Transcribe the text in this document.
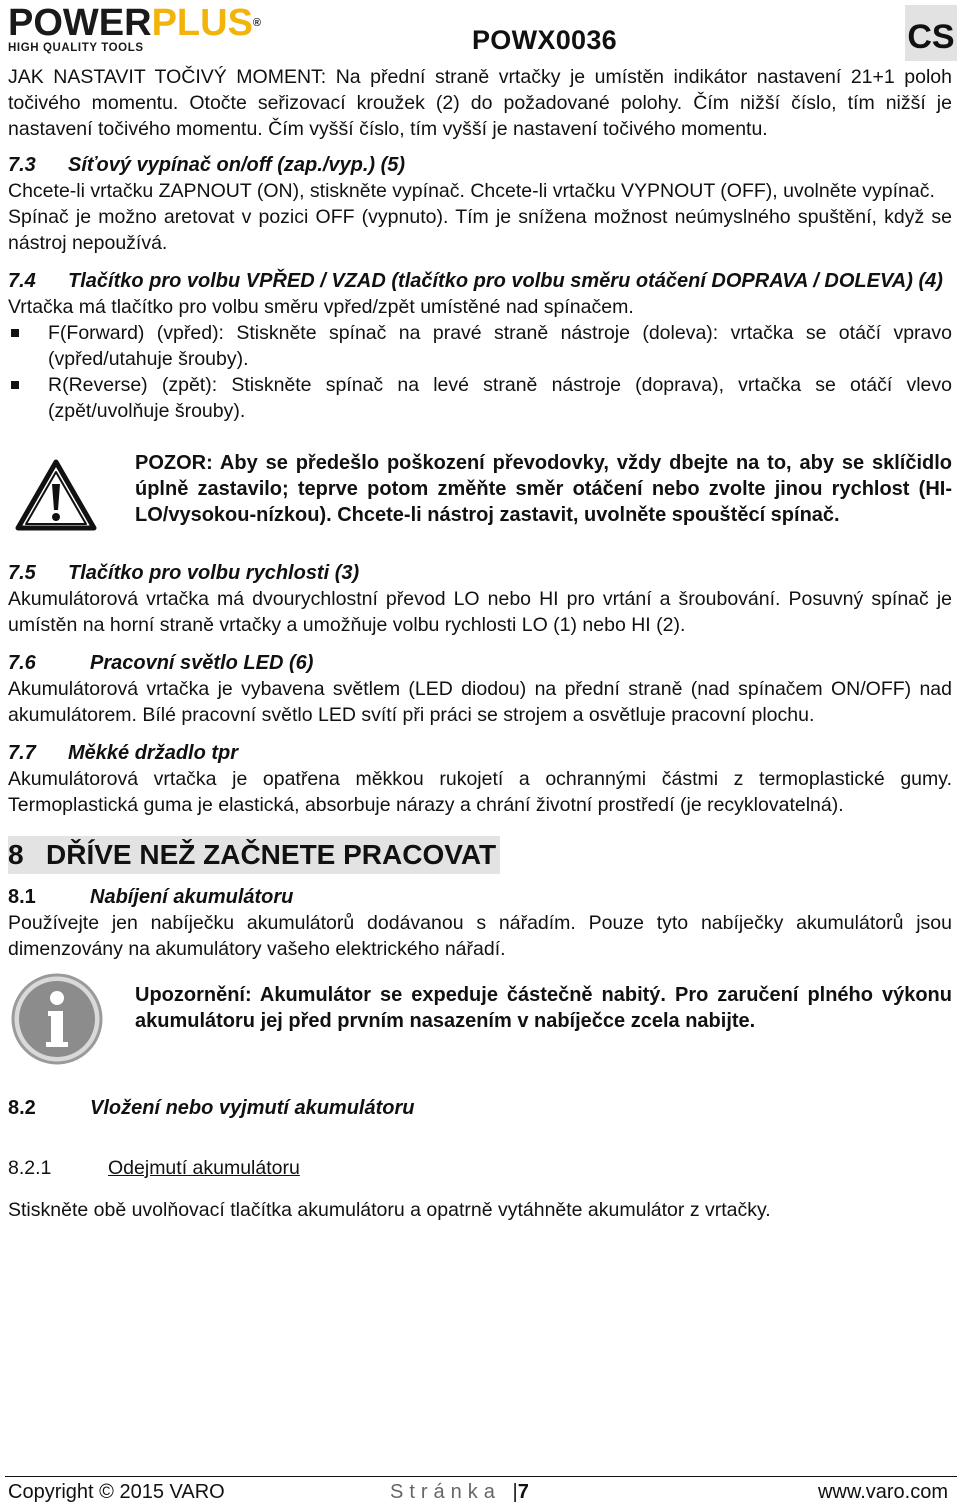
POWERPLUS®
HIGH QUALITY TOOLS	POWX0036	CS

JAK NASTAVIT TOČIVÝ MOMENT: Na přední straně vrtačky je umístěn indikátor nastavení 21+1 poloh točivého momentu. Otočte seřizovací kroužek (2) do požadované polohy. Čím nižší číslo, tím nižší je nastavení točivého momentu. Čím vyšší číslo, tím vyšší je nastavení točivého momentu.

7.3 Síťový vypínač on/off (zap./vyp.) (5)

Chcete-li vrtačku ZAPNOUT (ON), stiskněte vypínač. Chcete-li vrtačku VYPNOUT (OFF), uvolněte vypínač.

Spínač je možno aretovat v pozici OFF (vypnuto). Tím je snížena možnost neúmyslného spuštění, když se nástroj nepoužívá.

7.4	Tlačítko pro volbu VPŘED / VZAD (tlačítko pro volbu směru otáčení DOPRAVA / DOLEVA) (4)

Vrtačka má tlačítko pro volbu směru vpřed/zpět umístěné nad spínačem.

F(Forward) (vpřed): Stiskněte spínač na pravé straně nástroje (doleva): vrtačka se otáčí vpravo (vpřed/utahuje šrouby).
R(Reverse) (zpět): Stiskněte spínač na levé straně nástroje (doprava), vrtačka se otáčí vlevo (zpět/uvolňuje šrouby).
POZOR: Aby se předešlo poškození převodovky, vždy dbejte na to, aby se sklíčidlo úplně zastavilo; teprve potom změňte směr otáčení nebo zvolte jinou rychlost (HI-LO/vysokou-nízkou). Chcete-li nástroj zastavit, uvolněte spouštěcí spínač.
7.5 Tlačítko pro volbu rychlosti (3)

Akumulátorová vrtačka má dvourychlostní převod LO nebo HI pro vrtání a šroubování. Posuvný spínač je umístěn na horní straně vrtačky a umožňuje volbu rychlosti LO (1) nebo HI (2).

7.6	Pracovní světlo LED (6)

Akumulátorová vrtačka je vybavena světlem (LED diodou) na přední straně (nad spínačem ON/OFF) nad akumulátorem. Bílé pracovní světlo LED svítí při práci se strojem a osvětluje pracovní plochu.

7.7 Měkké držadlo tpr

Akumulátorová vrtačka je opatřena měkkou rukojetí a ochrannými částmi z termoplastické gumy. Termoplastická guma je elastická, absorbuje nárazy a chrání životní prostředí (je recyklovatelná).

8 DŘÍVE NEŽ ZAČNETE PRACOVAT
8.1	Nabíjení akumulátoru

Používejte jen nabíječku akumulátorů dodávanou s nářadím. Pouze tyto nabíječky akumulátorů jsou dimenzovány na akumulátory vašeho elektrického nářadí.

Upozornění: Akumulátor se expeduje částečně nabitý. Pro zaručení plného výkonu akumulátoru jej před prvním nasazením v nabíječce zcela nabijte.
8.2	Vložení nebo vyjmutí akumulátoru
8.2.1	Odejmutí akumulátoru

Stiskněte obě uvolňovací tlačítka akumulátoru a opatrně vytáhněte akumulátor z vrtačky.

Copyright © 2015 VARO	Stránka |7	www.varo.com
